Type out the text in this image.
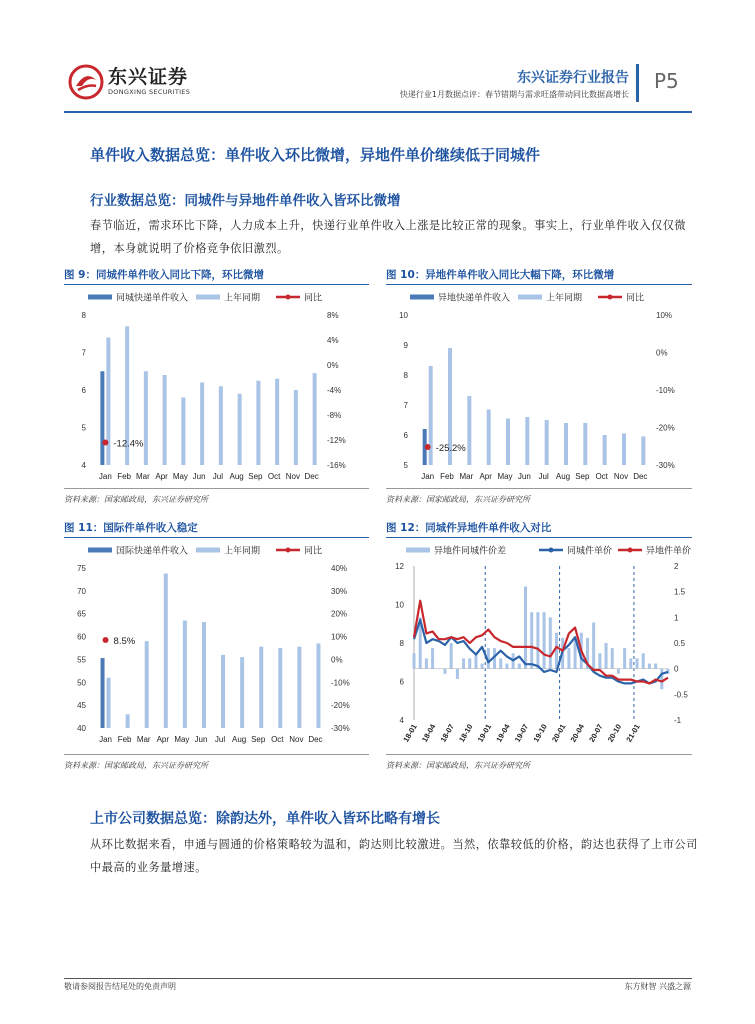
东兴证券
DONGXING SECURITIES
东兴证券行业报告
快递行业1月数据点评：春节错期与需求旺盛带动同比数据高增长
P5
单件收入数据总览：单件收入环比微增，异地件单价继续低于同城件
行业数据总览：同城件与异地件单件收入皆环比微增
春节临近，需求环比下降，人力成本上升，快递行业单件收入上涨是比较正常的现象。事实上，行业单件收入仅仅微增，本身就说明了价格竞争依旧激烈。
图 9：同城件单件收入同比下降，环比微增
8
7
6
5
4
8%
4%
0%
-4%
-8%
-12%
-16%
同城快递单件收入	上年同期	同比
Jan Feb Mar Apr May Jun Jul Aug Sep Oct Nov Dec
-12.4%
资料来源：国家邮政局，东兴证券研究所
图 10：异地件单件收入同比大幅下降，环比微增
10
9
8
7
6
5
10%
0%
-10%
-20%
-30%
异地快递单件收入	上年同期	同比
Jan Feb Mar Apr May Jun Jul Aug Sep Oct Nov Dec
-25.2%
资料来源：国家邮政局，东兴证券研究所
图 11：国际件单件收入稳定
75
70
65
60
55
50
45
40
40%
30%
20%
10%
0%
-10%
-20%
-30%
国际快递单件收入	上年同期	同比
Jan Feb Mar Apr May Jun Jul Aug Sep Oct Nov Dec
8.5%
资料来源：国家邮政局，东兴证券研究所
图 12：同城件异地件单件收入对比
12
10
8
6
4
2
1.5
1
0.5
0
-0.5
-1
异地件同城件价差	同城件单价	异地件单价
18-01 18-04 18-07 18-10 19-01 19-04 19-07 19-10 20-01 20-04 20-07 20-10 21-01
资料来源：国家邮政局，东兴证券研究所
上市公司数据总览：除韵达外，单件收入皆环比略有增长
从环比数据来看，申通与圆通的价格策略较为温和，韵达则比较激进。当然，依靠较低的价格，韵达也获得了上市公司中最高的业务量增速。
敬请参阅报告结尾处的免责声明	东方财智 兴盛之源
